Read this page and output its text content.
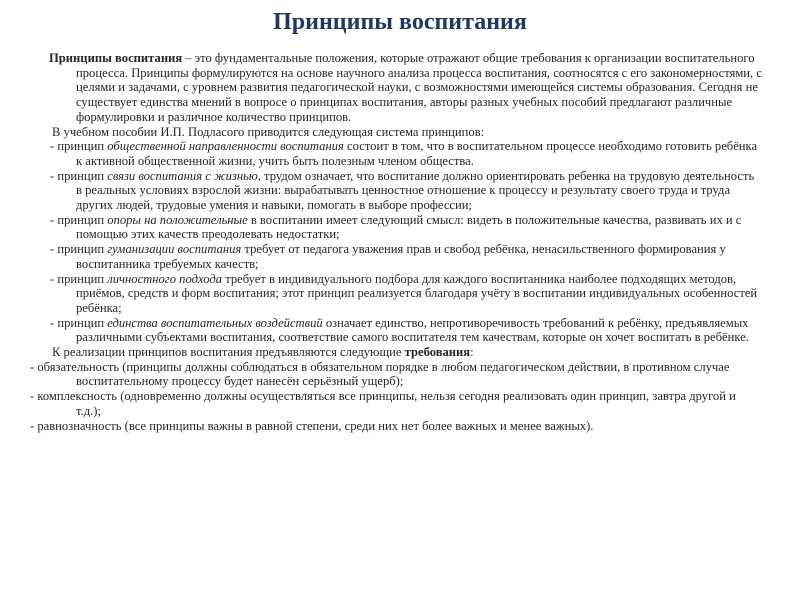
Принципы воспитания

Принципы воспитания – это фундаментальные положения, которые отражают общие требования к организации воспитательного процесса. Принципы формулируются на основе научного анализа процесса воспитания, соотносятся с его закономерностями, с целями и задачами, с уровнем развития педагогической науки, с возможностями имеющейся системы образования. Сегодня не существует единства мнений в вопросе о принципах воспитания, авторы разных учебных пособий предлагают различные формулировки и различное количество принципов.

В учебном пособии И.П. Подласого приводится следующая система принципов:

- принцип общественной направленности воспитания состоит в том, что в воспитательном процессе необходимо готовить ребёнка к активной общественной жизни, учить быть полезным членом общества.

- принцип связи воспитания с жизнью, трудом означает, что воспитание должно ориентировать ребенка на трудовую деятельность в реальных условиях взрослой жизни: вырабатывать ценностное отношение к процессу и результату своего труда и труда других людей, трудовые умения и навыки, помогать в выборе профессии;

- принцип опоры на положительные в воспитании имеет следующий смысл: видеть в положительные качества, развивать их и с помощью этих качеств преодолевать недостатки;

- принцип гуманизации воспитания требует от педагога уважения прав и свобод ребёнка, ненасильственного формирования у воспитанника требуемых качеств;

- принцип личностного подхода требует в индивидуального подбора для каждого воспитанника наиболее подходящих методов, приёмов, средств и форм воспитания; этот принцип реализуется благодаря учёту в воспитании индивидуальных особенностей ребёнка;

- принцип единства воспитательных воздействий означает единство, непротиворечивость требований к ребёнку, предъявляемых различными субъектами воспитания, соответствие самого воспитателя тем качествам, которые он хочет воспитать в ребёнке.

К реализации принципов воспитания предъявляются следующие требования:

- обязательность (принципы должны соблюдаться в обязательном порядке в любом педагогическом действии, в противном случае воспитательному процессу будет нанесён серьёзный ущерб);

- комплексность (одновременно должны осуществляться все принципы, нельзя сегодня реализовать один принцип, завтра другой и т.д.);

- равнозначность (все принципы важны в равной степени, среди них нет более важных и менее важных).
